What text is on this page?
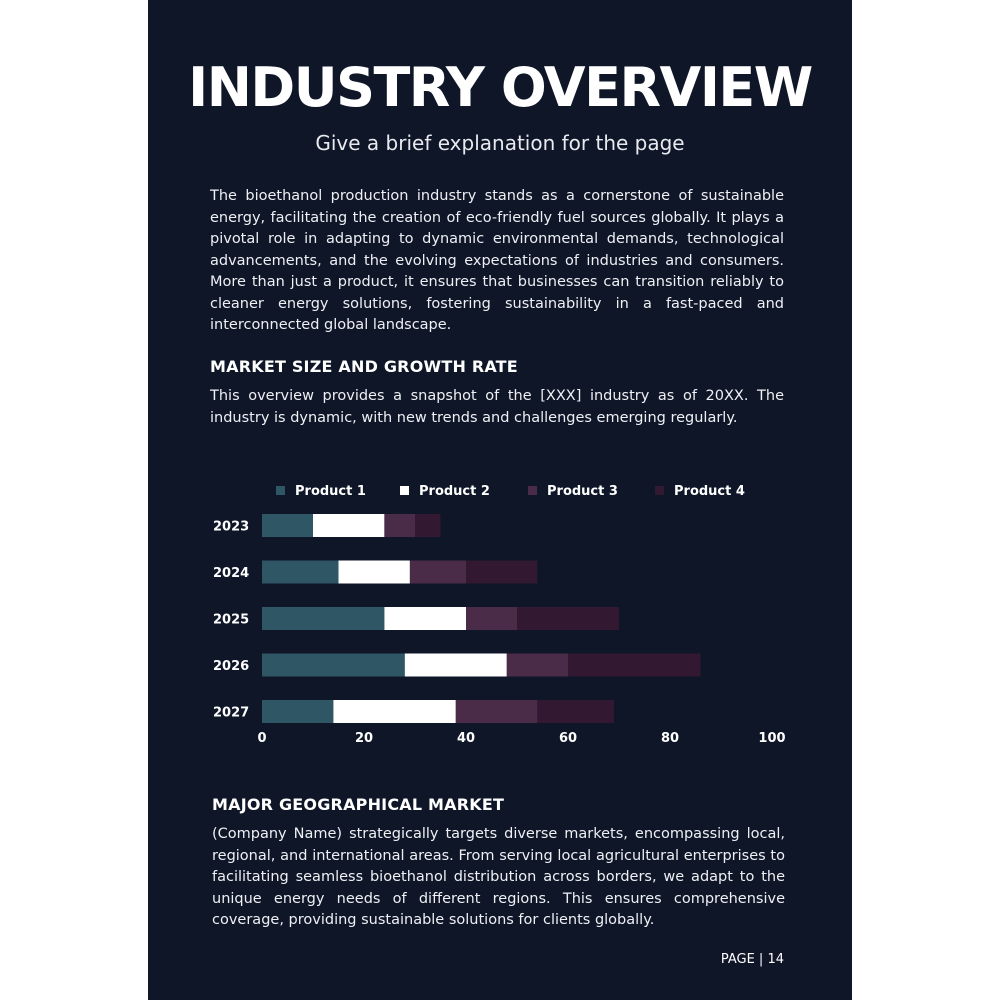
INDUSTRY OVERVIEW

Give a brief explanation for the page

The bioethanol production industry stands as a cornerstone of sustainable energy, facilitating the creation of eco-friendly fuel sources globally. It plays a pivotal role in adapting to dynamic environmental demands, technological advancements, and the evolving expectations of industries and consumers. More than just a product, it ensures that businesses can transition reliably to cleaner energy solutions, fostering sustainability in a fast-paced and interconnected global landscape.

MARKET SIZE AND GROWTH RATE

This overview provides a snapshot of the [XXX] industry as of 20XX. The industry is dynamic, with new trends and challenges emerging regularly.

Product 1	Product 2	Product 3	Product 4
2023
2024
2025
2026
2027
0	20	40	60	80	100
MAJOR GEOGRAPHICAL MARKET

(Company Name) strategically targets diverse markets, encompassing local, regional, and international areas. From serving local agricultural enterprises to facilitating seamless bioethanol distribution across borders, we adapt to the unique energy needs of different regions. This ensures comprehensive coverage, providing sustainable solutions for clients globally.

PAGE | 14
